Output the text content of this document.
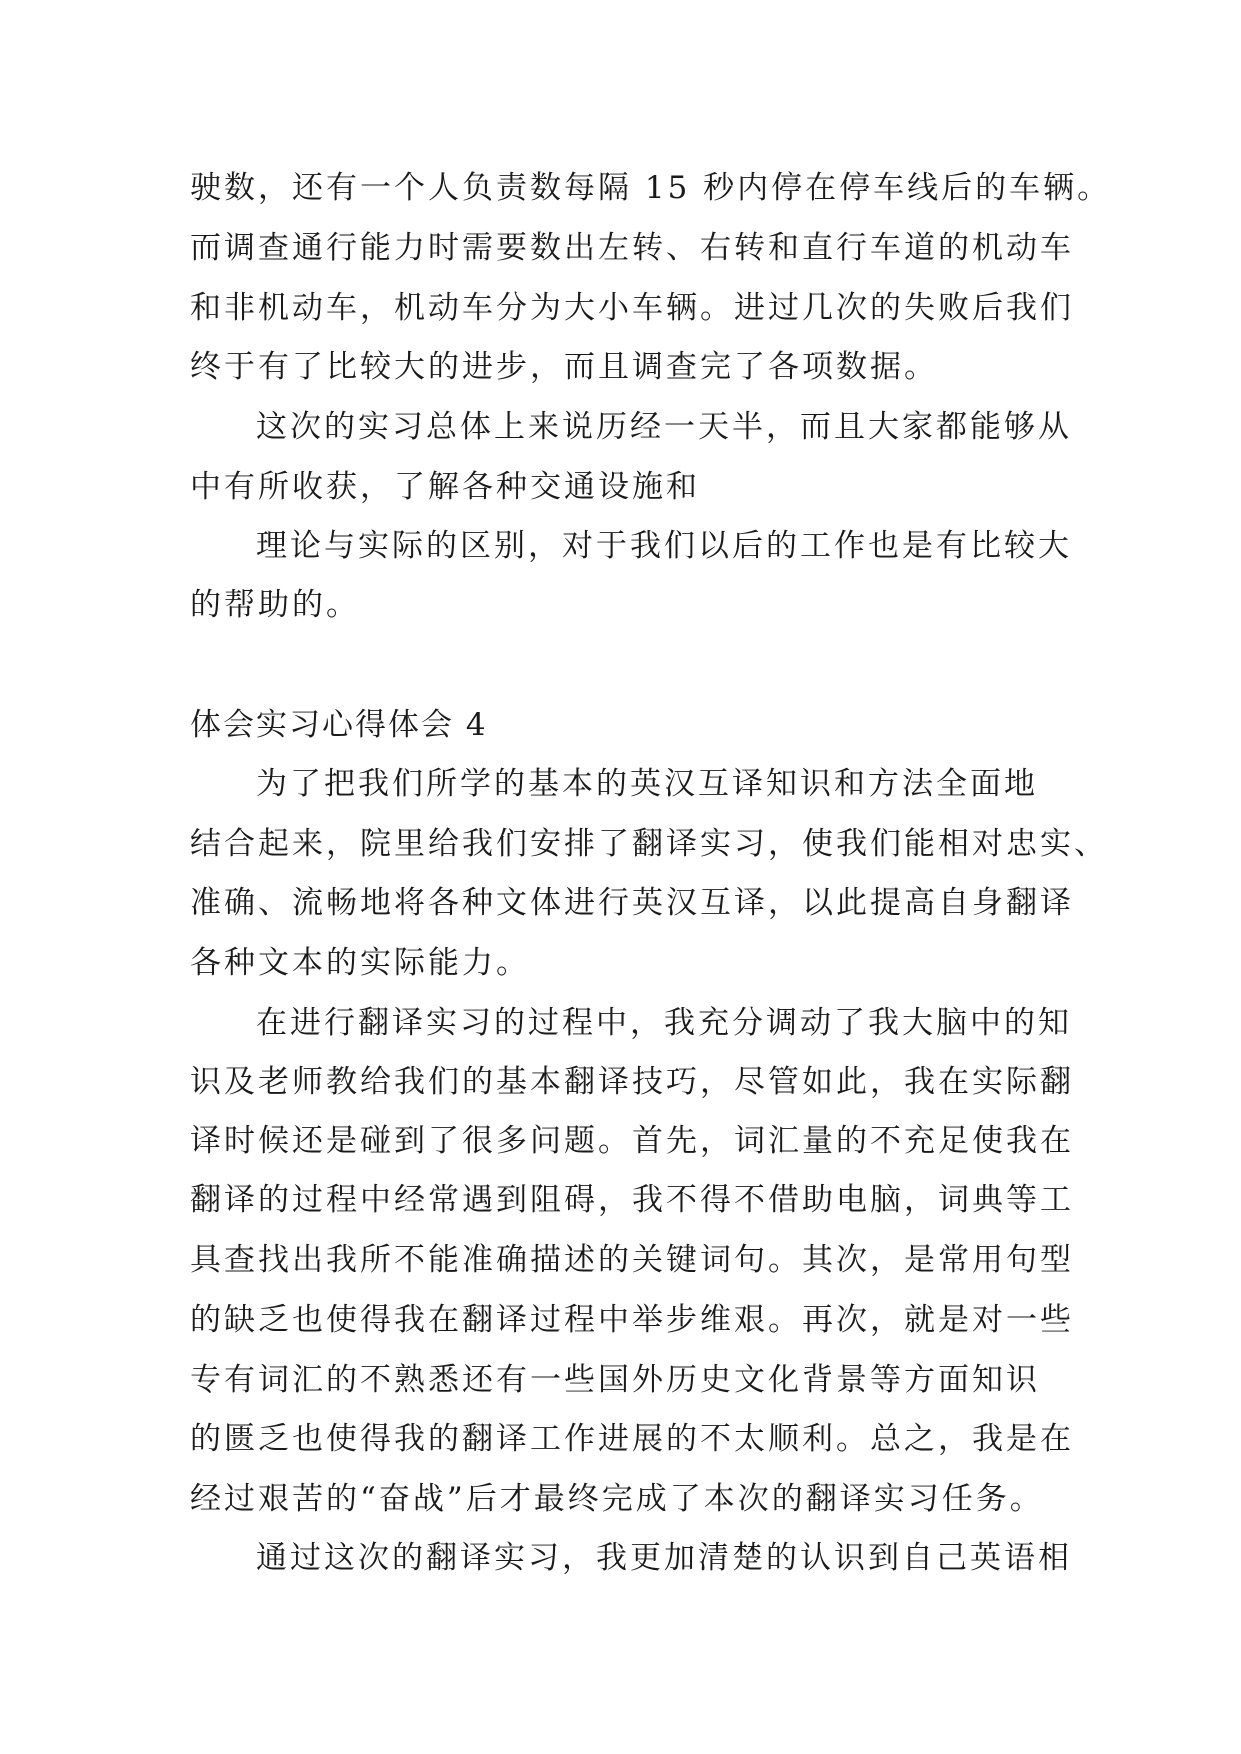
驶数，还有一个人负责数每隔 15 秒内停在停车线后的车辆。
而调查通行能力时需要数出左转、右转和直行车道的机动车
和非机动车，机动车分为大小车辆。进过几次的失败后我们
终于有了比较大的进步，而且调查完了各项数据。
这次的实习总体上来说历经一天半，而且大家都能够从
中有所收获，了解各种交通设施和
理论与实际的区别，对于我们以后的工作也是有比较大
的帮助的。
体会实习心得体会 4
为了把我们所学的基本的英汉互译知识和方法全面地
结合起来，院里给我们安排了翻译实习，使我们能相对忠实、
准确、流畅地将各种文体进行英汉互译，以此提高自身翻译
各种文本的实际能力。
在进行翻译实习的过程中，我充分调动了我大脑中的知
识及老师教给我们的基本翻译技巧，尽管如此，我在实际翻
译时候还是碰到了很多问题。首先，词汇量的不充足使我在
翻译的过程中经常遇到阻碍，我不得不借助电脑，词典等工
具查找出我所不能准确描述的关键词句。其次，是常用句型
的缺乏也使得我在翻译过程中举步维艰。再次，就是对一些
专有词汇的不熟悉还有一些国外历史文化背景等方面知识
的匮乏也使得我的翻译工作进展的不太顺利。总之，我是在
经过艰苦的“奋战”后才最终完成了本次的翻译实习任务。
通过这次的翻译实习，我更加清楚的认识到自己英语相
